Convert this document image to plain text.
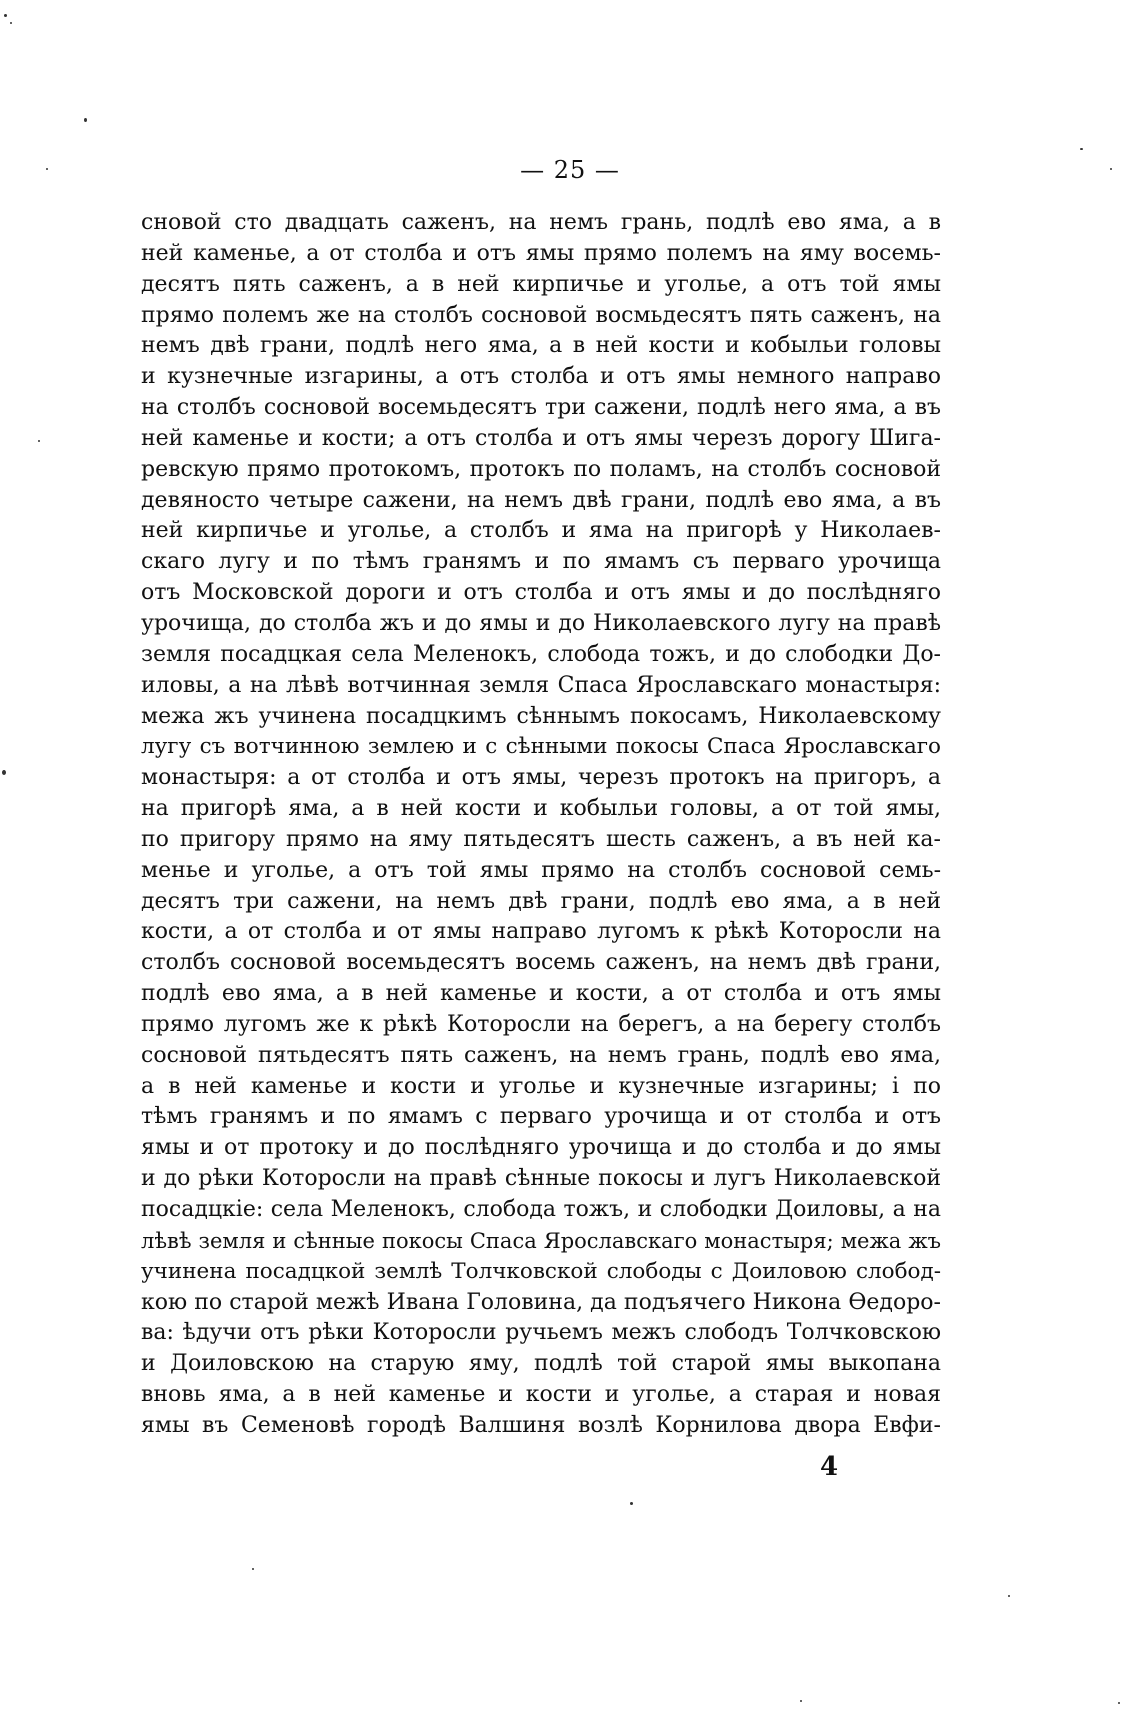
— 25 —
сновой сто двадцать саженъ, на немъ грань, подлѣ ево яма, а в
ней каменье, а от столба и отъ ямы прямо полемъ на яму восемь-
десятъ пять саженъ, а в ней кирпичье и уголье, а отъ той ямы
прямо полемъ же на столбъ сосновой восмьдесятъ пять саженъ, на
немъ двѣ грани, подлѣ него яма, а в ней кости и кобыльи головы
и кузнечные изгарины, а отъ столба и отъ ямы немного направо
на столбъ сосновой восемьдесятъ три сажени, подлѣ него яма, а въ
ней каменье и кости; а отъ столба и отъ ямы черезъ дорогу Шига-
ревскую прямо протокомъ, протокъ по поламъ, на столбъ сосновой
девяносто четыре сажени, на немъ двѣ грани, подлѣ ево яма, а въ
ней кирпичье и уголье, а столбъ и яма на пригорѣ у Николаев-
скаго лугу и по тѣмъ гранямъ и по ямамъ съ перваго урочища
отъ Московской дороги и отъ столба и отъ ямы и до послѣдняго
урочища, до столба жъ и до ямы и до Николаевского лугу на правѣ
земля посадцкая села Меленокъ, слобода тожъ, и до слободки До-
иловы, а на лѣвѣ вотчинная земля Спаса Ярославскаго монастыря:
межа жъ учинена посадцкимъ сѣннымъ покосамъ, Николаевскому
лугу съ вотчинною землею и с сѣнными покосы Спаса Ярославскаго
монастыря: а от столба и отъ ямы, черезъ протокъ на пригоръ, а
на пригорѣ яма, а в ней кости и кобыльи головы, а от той ямы,
по пригору прямо на яму пятьдесятъ шесть саженъ, а въ ней ка-
менье и уголье, а отъ той ямы прямо на столбъ сосновой семь-
десятъ три сажени, на немъ двѣ грани, подлѣ ево яма, а в ней
кости, а от столба и от ямы направо лугомъ к рѣкѣ Которосли на
столбъ сосновой восемьдесятъ восемь саженъ, на немъ двѣ грани,
подлѣ ево яма, а в ней каменье и кости, а от столба и отъ ямы
прямо лугомъ же к рѣкѣ Которосли на берегъ, а на берегу столбъ
сосновой пятьдесятъ пять саженъ, на немъ грань, подлѣ ево яма,
а в ней каменье и кости и уголье и кузнечные изгарины; і по
тѣмъ гранямъ и по ямамъ с перваго урочища и от столба и отъ
ямы и от протоку и до послѣдняго урочища и до столба и до ямы
и до рѣки Которосли на правѣ сѣнные покосы и лугъ Николаевской
посадцкіе: села Меленокъ, слобода тожъ, и слободки Доиловы, а на
лѣвѣ земля и сѣнные покосы Спаса Ярославскаго монастыря; межа жъ
учинена посадцкой землѣ Толчковской слободы с Доиловою слобод-
кою по старой межѣ Ивана Головина, да подъячего Никона Ѳедоро-
ва: ѣдучи отъ рѣки Которосли ручьемъ межъ слободъ Толчковскою
и Доиловскою на старую яму, подлѣ той старой ямы выкопана
вновь яма, а в ней каменье и кости и уголье, а старая и новая
ямы въ Семеновѣ городѣ Валшиня возлѣ Корнилова двора Евфи-
4
